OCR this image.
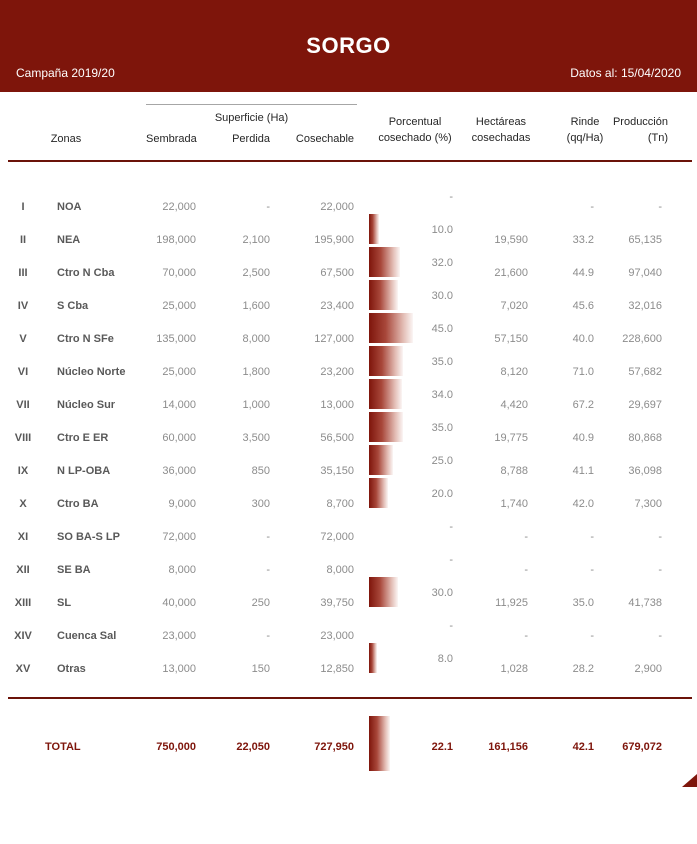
SORGO
Campaña 2019/20	Datos al: 15/04/2020
Superficie (Ha)
Zonas	Sembrada	Perdida	Cosechable
Porcentual
cosechado (%)
Hectáreas
cosechadas
Rinde
(qq/Ha)
Producción
(Tn)
I	NOA	22,000	-	22,000	-		-	-
II	NEA	198,000	2,100	195,900	10.0	19,590	33.2	65,135
III	Ctro N Cba	70,000	2,500	67,500	32.0	21,600	44.9	97,040
IV	S Cba	25,000	1,600	23,400	30.0	7,020	45.6	32,016
V	Ctro N SFe	135,000	8,000	127,000	45.0	57,150	40.0	228,600
VI	Núcleo Norte	25,000	1,800	23,200	35.0	8,120	71.0	57,682
VII	Núcleo Sur	14,000	1,000	13,000	34.0	4,420	67.2	29,697
VIII	Ctro E ER	60,000	3,500	56,500	35.0	19,775	40.9	80,868
IX	N LP-OBA	36,000	850	35,150	25.0	8,788	41.1	36,098
X	Ctro BA	9,000	300	8,700	20.0	1,740	42.0	7,300
XI	SO BA-S LP	72,000	-	72,000	-	-	-	-
XII	SE BA	8,000	-	8,000	-	-	-	-
XIII	SL	40,000	250	39,750	30.0	11,925	35.0	41,738
XIV	Cuenca Sal	23,000	-	23,000	-	-	-	-
XV	Otras	13,000	150	12,850	8.0	1,028	28.2	2,900
TOTAL	750,000	22,050	727,950	22.1	161,156	42.1	679,072
